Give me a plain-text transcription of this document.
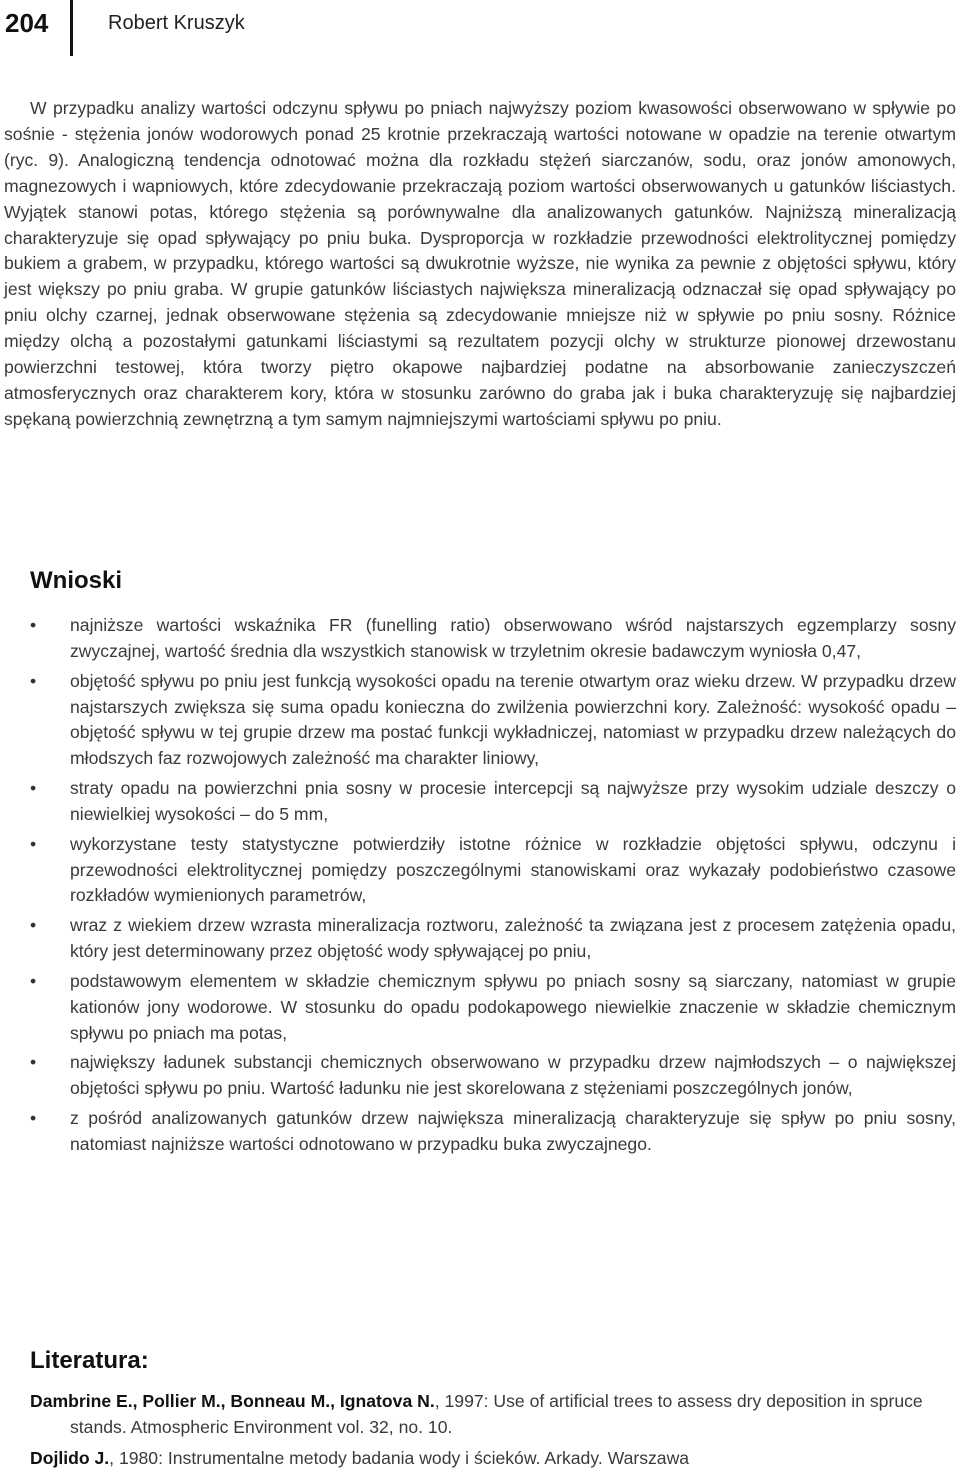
204	Robert Kruszyk

W przypadku analizy wartości odczynu spływu po pniach najwyższy poziom kwasowości obserwowano w spływie po sośnie - stężenia jonów wodorowych ponad 25 krotnie przekraczają wartości notowane w opadzie na terenie otwartym (ryc. 9). Analogiczną tendencja odnotować można dla rozkładu stężeń siarczanów, sodu, oraz jonów amonowych, magnezowych i wapniowych, które zdecydowanie przekraczają poziom wartości obserwowanych u gatunków liściastych. Wyjątek stanowi potas, którego stężenia są porównywalne dla analizowanych gatunków. Najniższą mineralizacją charakteryzuje się opad spływający po pniu buka. Dysproporcja w rozkładzie przewodności elektrolitycznej pomiędzy bukiem a grabem, w przypadku, którego wartości są dwukrotnie wyższe, nie wynika za pewnie z objętości spływu, który jest większy po pniu graba. W grupie gatunków liściastych największa mineralizacją odznaczał się opad spływający po pniu olchy czarnej, jednak obserwowane stężenia są zdecydowanie mniejsze niż w spływie po pniu sosny. Różnice między olchą a pozostałymi gatunkami liściastymi są rezultatem pozycji olchy w strukturze pionowej drzewostanu powierzchni testowej, która tworzy piętro okapowe najbardziej podatne na absorbowanie zanieczyszczeń atmosferycznych oraz charakterem kory, która w stosunku zarówno do graba jak i buka charakteryzuję się najbardziej spękaną powierzchnią zewnętrzną a tym samym najmniejszymi wartościami spływu po pniu.

Wnioski
• najniższe wartości wskaźnika FR (funelling ratio) obserwowano wśród najstarszych egzemplarzy sosny zwyczajnej, wartość średnia dla wszystkich stanowisk w trzyletnim okresie badawczym wyniosła 0,47,
• objętość spływu po pniu jest funkcją wysokości opadu na terenie otwartym oraz wieku drzew. W przypadku drzew najstarszych zwiększa się suma opadu konieczna do zwilżenia powierzchni kory. Zależność: wysokość opadu – objętość spływu w tej grupie drzew ma postać funkcji wykładniczej, natomiast w przypadku drzew należących do młodszych faz rozwojowych zależność ma charakter liniowy,
• straty opadu na powierzchni pnia sosny w procesie intercepcji są najwyższe przy wysokim udziale deszczy o niewielkiej wysokości – do 5 mm,
• wykorzystane testy statystyczne potwierdziły istotne różnice w rozkładzie objętości spływu, odczynu i przewodności elektrolitycznej pomiędzy poszczególnymi stanowiskami oraz wykazały podobieństwo czasowe rozkładów wymienionych parametrów,
• wraz z wiekiem drzew wzrasta mineralizacja roztworu, zależność ta związana jest z procesem zatężenia opadu, który jest determinowany przez objętość wody spływającej po pniu,
• podstawowym elementem w składzie chemicznym spływu po pniach sosny są siarczany, natomiast w grupie kationów jony wodorowe. W stosunku do opadu podokapowego niewielkie znaczenie w składzie chemicznym spływu po pniach ma potas,
• największy ładunek substancji chemicznych obserwowano w przypadku drzew najmłodszych – o największej objętości spływu po pniu. Wartość ładunku nie jest skorelowana z stężeniami poszczególnych jonów,
• z pośród analizowanych gatunków drzew największa mineralizacją charakteryzuje się spływ po pniu sosny, natomiast najniższe wartości odnotowano w przypadku buka zwyczajnego.
Literatura:

Dambrine E., Pollier M., Bonneau M., Ignatova N., 1997: Use of artificial trees to assess dry deposition in spruce stands. Atmospheric Environment vol. 32, no. 10.

Dojlido J., 1980: Instrumentalne metody badania wody i ścieków. Arkady. Warszawa
